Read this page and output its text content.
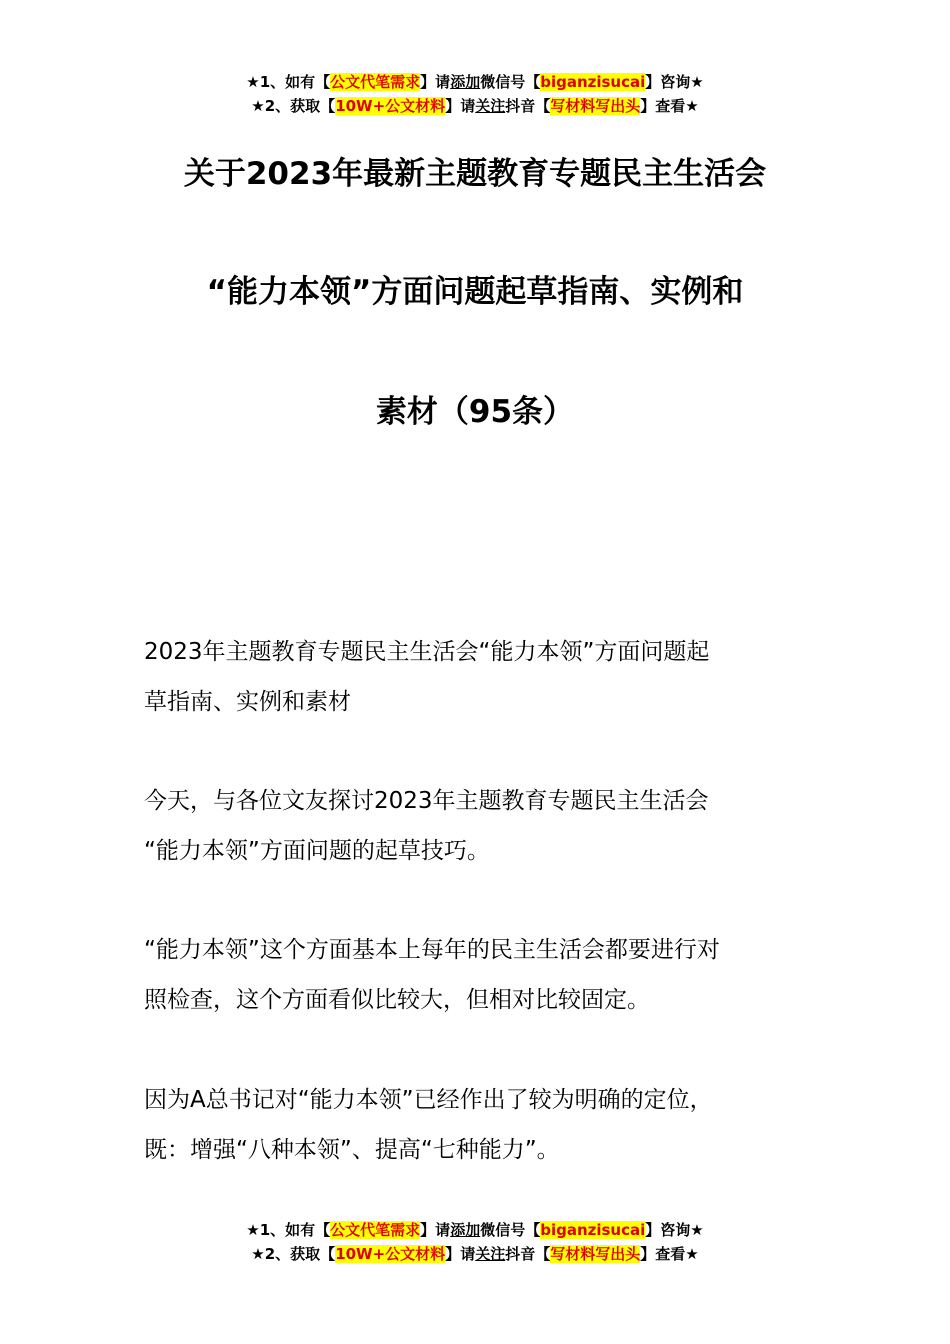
★1、如有【公文代笔需求】请添加微信号【biganzisucai】咨询★
★2、获取【10W+公文材料】请关注抖音【写材料写出头】查看★
关于2023年最新主题教育专题民主生活会
“能力本领”方面问题起草指南、实例和
素材（95条）
2023年主题教育专题民主生活会“能力本领”方面问题起
草指南、实例和素材
今天，与各位文友探讨2023年主题教育专题民主生活会
“能力本领”方面问题的起草技巧。
“能力本领”这个方面基本上每年的民主生活会都要进行对
照检查，这个方面看似比较大，但相对比较固定。
因为A总书记对“能力本领”已经作出了较为明确的定位，
既：增强“八种本领”、提高“七种能力”。
★1、如有【公文代笔需求】请添加微信号【biganzisucai】咨询★
★2、获取【10W+公文材料】请关注抖音【写材料写出头】查看★
